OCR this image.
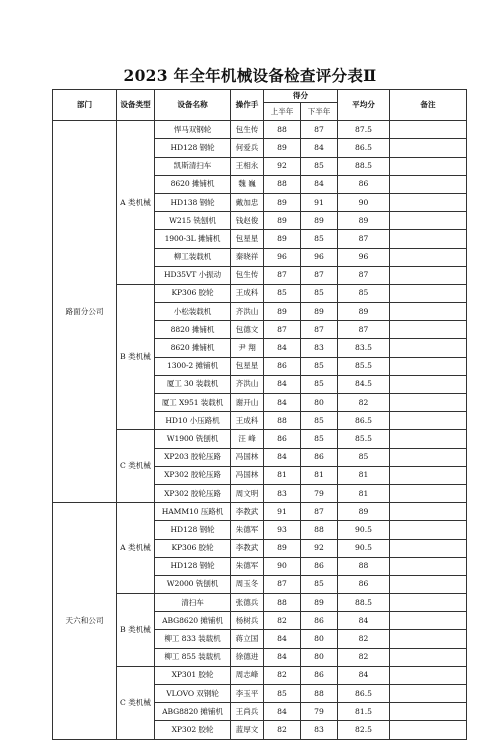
2023 年全年机械设备检查评分表Ⅱ
部门	设备类型	设备名称	操作手	得分		平均分	备注
				上半年	下半年		
路面分公司	A 类机械	悍马双钢轮	包生传	88	87	87.5	
		HD128 钢轮	何爱兵	89	84	86.5	
		凯斯清扫车	王相永	92	85	88.5	
		8620 摊铺机	魏 巍	88	84	86	
		HD138 钢轮	戴加忠	89	91	90	
		W215 铣刨机	钱赵俊	89	89	89	
		1900-3L 摊铺机	包星星	89	85	87	
		柳工装载机	秦晓祥	96	96	96	
		HD35VT 小振动	包生传	87	87	87	
	B 类机械	KP306 胶轮	王成科	85	85	85	
		小松装载机	齐洪山	89	89	89	
		8820 摊铺机	包德文	87	87	87	
		8620 摊铺机	尹 翔	84	83	83.5	
		1300-2 摊铺机	包星星	86	85	85.5	
		厦工 30 装载机	齐洪山	84	85	84.5	
		厦工 X951 装载机	谢开山	84	80	82	
		HD10 小压路机	王成科	88	85	86.5	
	C 类机械	W1900 铣刨机	汪 峰	86	85	85.5	
		XP203 胶轮压路	冯国林	84	86	85	
		XP302 胶轮压路	冯国林	81	81	81	
		XP302 胶轮压路	周文明	83	79	81	
天六和公司	A 类机械	HAMM10 压路机	李教武	91	87	89	
		HD128 钢轮	朱德军	93	88	90.5	
		KP306 胶轮	李教武	89	92	90.5	
		HD128 钢轮	朱德军	90	86	88	
		W2000 铣刨机	周玉冬	87	85	86	
	B 类机械	清扫车	张德兵	88	89	88.5	
		ABG8620 摊铺机	杨树兵	82	86	84	
		柳工 833 装载机	蒋立国	84	80	82	
		柳工 855 装载机	徐德进	84	80	82	
	C 类机械	XP301 胶轮	周志峰	82	86	84	
		VLOVO 双钢轮	李玉平	85	88	86.5	
		ABG8820 摊铺机	王尚兵	84	79	81.5	
		XP302 胶轮	蓝厚文	82	83	82.5	
